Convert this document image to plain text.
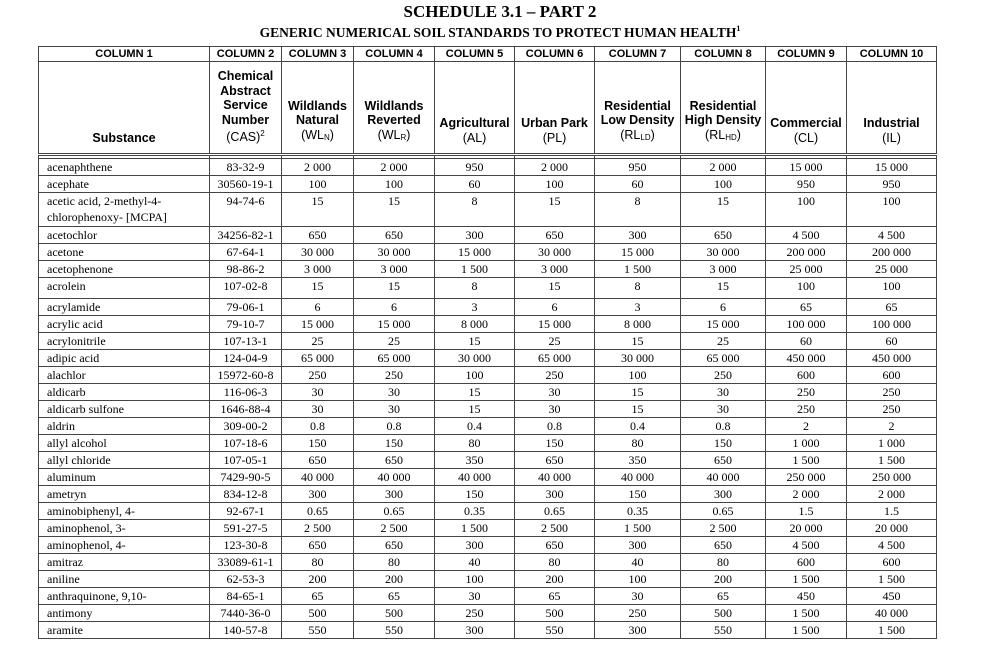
SCHEDULE 3.1 – PART 2
GENERIC NUMERICAL SOIL STANDARDS TO PROTECT HUMAN HEALTH$^1$
COLUMN 1	COLUMN 2	COLUMN 3	COLUMN 4	COLUMN 5	COLUMN 6	COLUMN 7	COLUMN 8	COLUMN 9	COLUMN 10

Substance

Chemical
Abstract
Service
Number
(CAS)$^2$

Wildlands
Natural
$(WL_N)$

Wildlands
Reverted
$(WL_R)$

Agricultural
(AL)

Urban Park
(PL)

Residential
Low Density
$(RL_{LD})$

Residential
High Density
$(RL_{HD})$

Commercial
(CL)

Industrial
(IL)

acenaphthene	83-32-9	2 000	2 000	950	2 000	950	2 000	15 000	15 000
acephate	30560-19-1	100	100	60	100	60	100	950	950

acetic acid, 2-methyl-4-
chlorophenoxy- [MCPA]	94-74-6	15	15	8	15	8	15	100	100
acetochlor	34256-82-1	650	650	300	650	300	650	4 500	4 500
acetone	67-64-1	30 000	30 000	15 000	30 000	15 000	30 000	200 000	200 000
acetophenone	98-86-2	3 000	3 000	1 500	3 000	1 500	3 000	25 000	25 000
acrolein	107-02-8	15	15	8	15	8	15	100	100
acrylamide	79-06-1	6	6	3	6	3	6	65	65
acrylic acid	79-10-7	15 000	15 000	8 000	15 000	8 000	15 000	100 000	100 000
acrylonitrile	107-13-1	25	25	15	25	15	25	60	60
adipic acid	124-04-9	65 000	65 000	30 000	65 000	30 000	65 000	450 000	450 000
alachlor	15972-60-8	250	250	100	250	100	250	600	600
aldicarb	116-06-3	30	30	15	30	15	30	250	250
aldicarb sulfone	1646-88-4	30	30	15	30	15	30	250	250
aldrin	309-00-2	0.8	0.8	0.4	0.8	0.4	0.8	2	2
allyl alcohol	107-18-6	150	150	80	150	80	150	1 000	1 000
allyl chloride	107-05-1	650	650	350	650	350	650	1 500	1 500
aluminum	7429-90-5	40 000	40 000	40 000	40 000	40 000	40 000	250 000	250 000
ametryn	834-12-8	300	300	150	300	150	300	2 000	2 000
aminobiphenyl, 4-	92-67-1	0.65	0.65	0.35	0.65	0.35	0.65	1.5	1.5
aminophenol, 3-	591-27-5	2 500	2 500	1 500	2 500	1 500	2 500	20 000	20 000
aminophenol, 4-	123-30-8	650	650	300	650	300	650	4 500	4 500
amitraz	33089-61-1	80	80	40	80	40	80	600	600
aniline	62-53-3	200	200	100	200	100	200	1 500	1 500
anthraquinone, 9,10-	84-65-1	65	65	30	65	30	65	450	450
antimony	7440-36-0	500	500	250	500	250	500	1 500	40 000
aramite	140-57-8	550	550	300	550	300	550	1 500	1 500
